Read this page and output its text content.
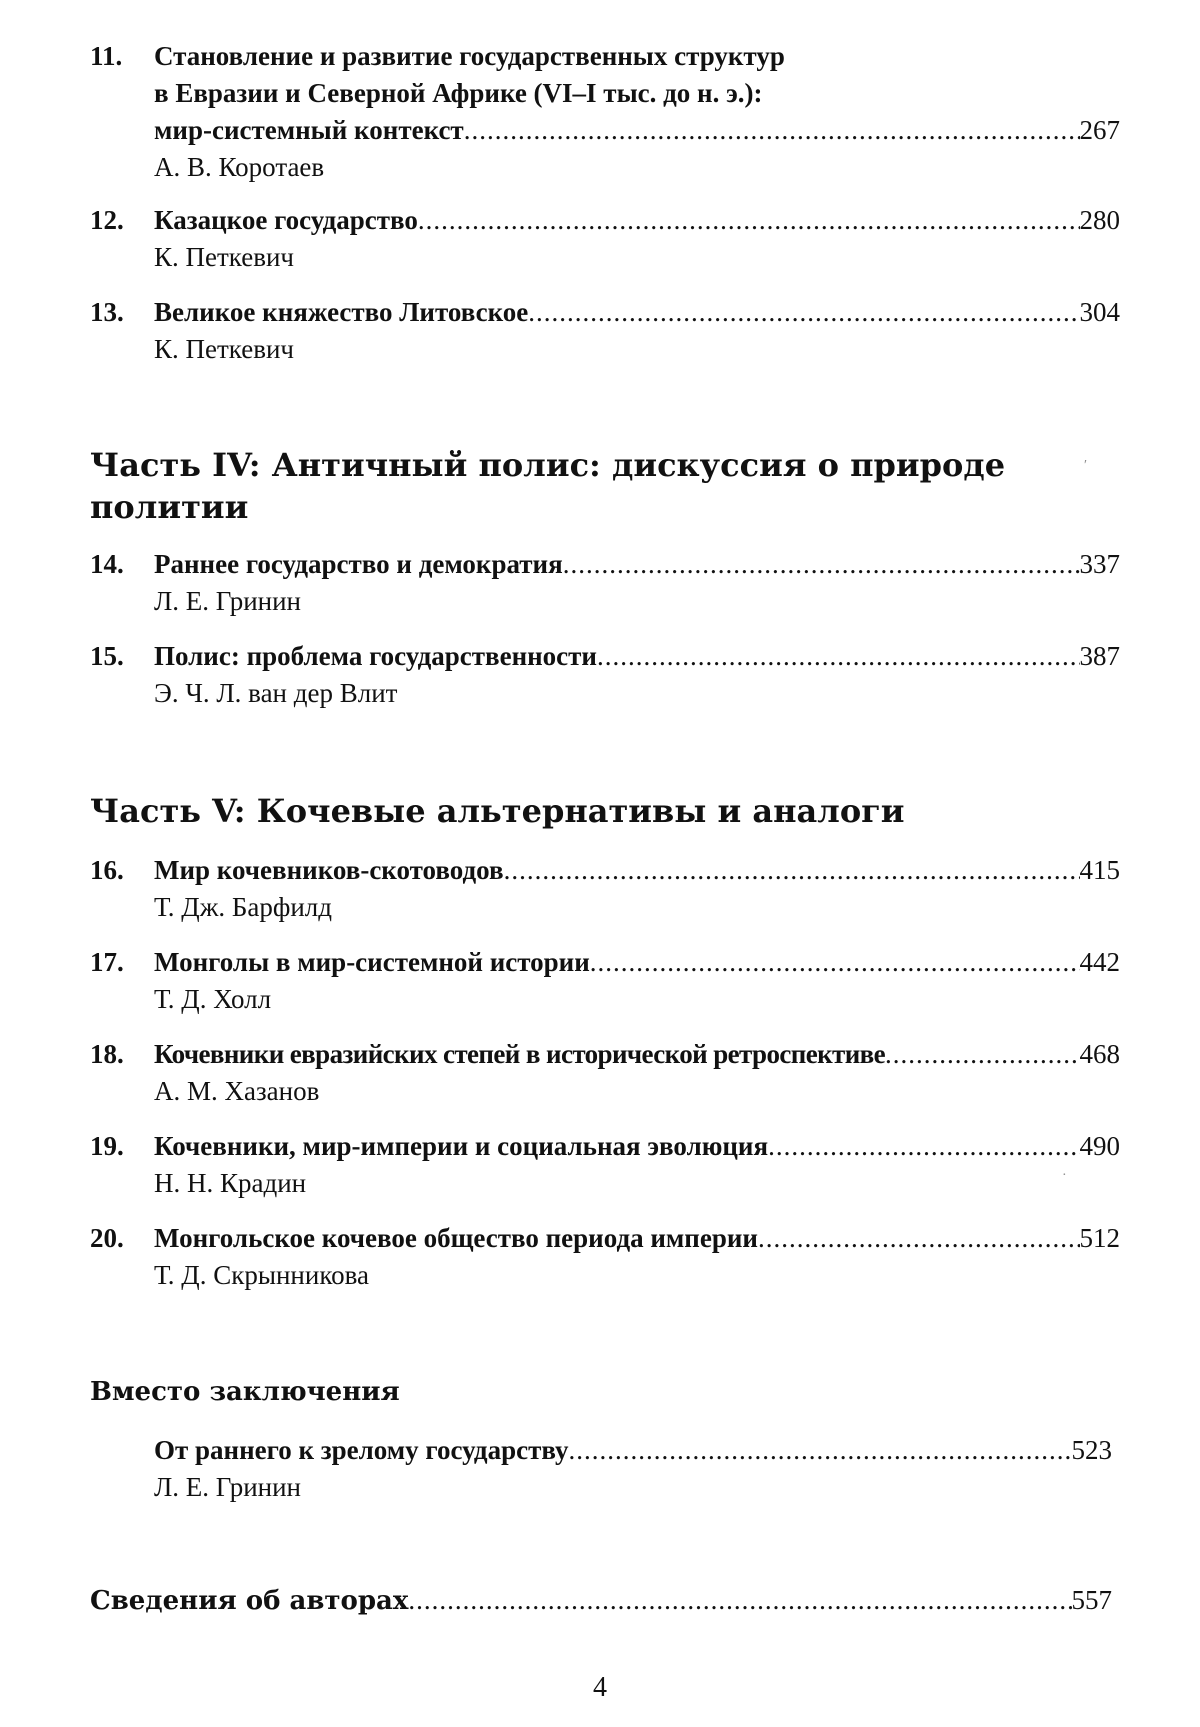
11. Становление и развитие государственных структур
в Евразии и Северной Африке (VI–I тыс. до н. э.):
мир-системный контекст .....	267
А. В. Коротаев
12. Казацкое государство .....	280
К. Петкевич
13. Великое княжество Литовское .....	304
К. Петкевич
Часть IV: Античный полис: дискуссия о природе политии
′
14. Раннее государство и демократия .....	337
Л. Е. Гринин
15. Полис: проблема государственности .....	387
Э. Ч. Л. ван дер Влит
Часть V: Кочевые альтернативы и аналоги
16. Мир кочевников-скотоводов .....	415
Т. Дж. Барфилд
17. Монголы в мир-системной истории .....	442
Т. Д. Холл
18. Кочевники евразийских степей в исторической ретроспективе .....	468
А. М. Хазанов
19. Кочевники, мир-империи и социальная эволюция .....	490
Н. Н. Крадин	·
20. Монгольское кочевое общество периода империи .....	512
Т. Д. Скрынникова
Вместо заключения
От раннего к зрелому государству .....	523
Л. Е. Гринин
Сведения об авторах .....	557
4
